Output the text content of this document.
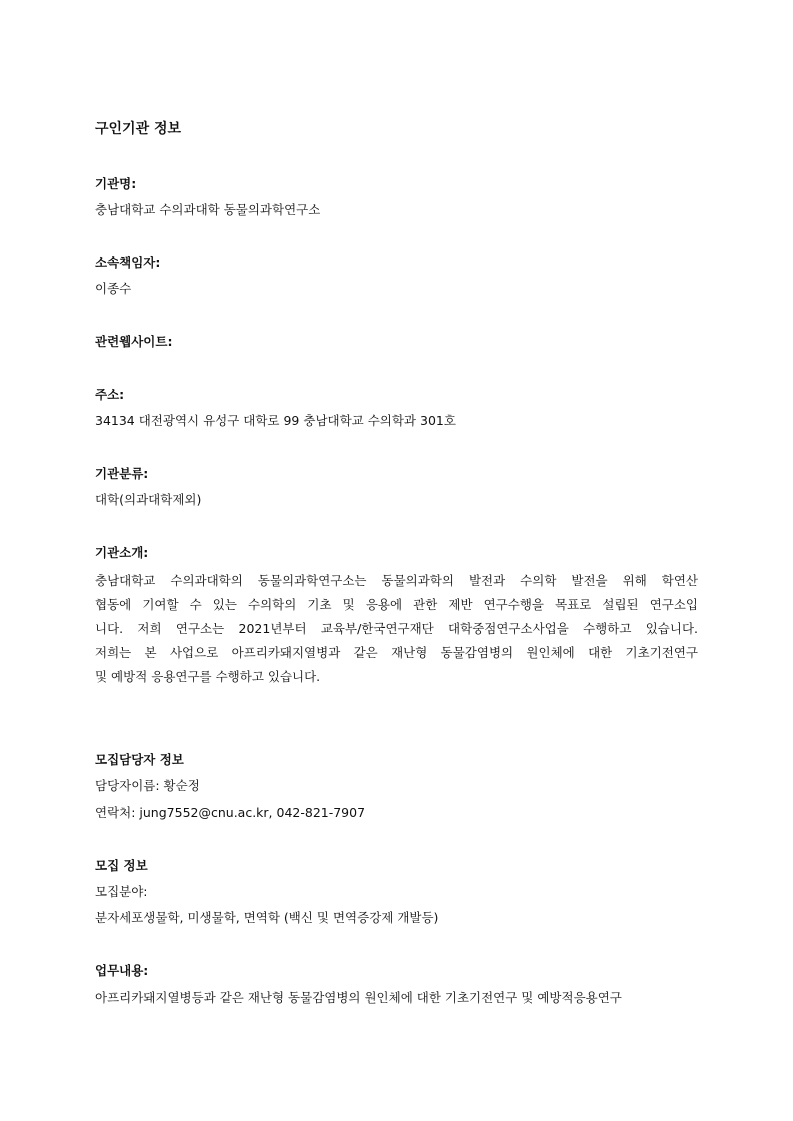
구인기관 정보
기관명:
충남대학교 수의과대학 동물의과학연구소
소속책임자:
이종수
관련웹사이트:
주소:
34134 대전광역시 유성구 대학로 99 충남대학교 수의학과 301호
기관분류:
대학(의과대학제외)
기관소개:
충남대학교 수의과대학의 동물의과학연구소는 동물의과학의 발전과 수의학 발전을 위해 학연산
협동에 기여할 수 있는 수의학의 기초 및 응용에 관한 제반 연구수행을 목표로 설립된 연구소입
니다. 저희 연구소는 2021년부터 교육부/한국연구재단 대학중점연구소사업을 수행하고 있습니다.
저희는 본 사업으로 아프리카돼지열병과 같은 재난형 동물감염병의 원인체에 대한 기초기전연구
및 예방적 응용연구를 수행하고 있습니다.
모집담당자 정보
담당자이름: 황순정
연락처: jung7552@cnu.ac.kr, 042-821-7907
모집 정보
모집분야:
분자세포생물학, 미생물학, 면역학 (백신 및 면역증강제 개발등)
업무내용:
아프리카돼지열병등과 같은 재난형 동물감염병의 원인체에 대한 기초기전연구 및 예방적응용연구
